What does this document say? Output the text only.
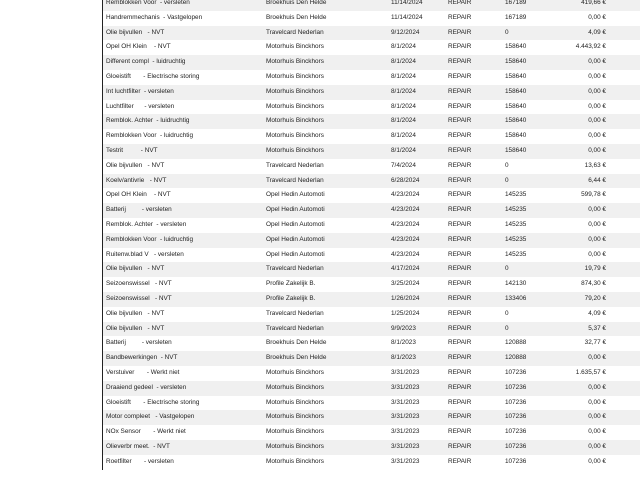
Remblokken Voor  - versleten	Broekhuis Den Helde	11/14/2024	REPAIR	167189	419,66 €	
Handremmechanis  - Vastgelopen	Broekhuis Den Helde	11/14/2024	REPAIR	167189	0,00 €	
Olie bijvullen   - NVT	Travelcard Nederlan	9/12/2024	REPAIR	0	4,09 €	
Opel OH Klein    - NVT	Motorhuis Binckhors	8/1/2024	REPAIR	158640	4.443,92 €	
Different compl  - luidruchtig	Motorhuis Binckhors	8/1/2024	REPAIR	158640	0,00 €	
Gloeistift       - Electrische storing	Motorhuis Binckhors	8/1/2024	REPAIR	158640	0,00 €	
Int luchtfilter  - versleten	Motorhuis Binckhors	8/1/2024	REPAIR	158640	0,00 €	
Luchtfilter      - versleten	Motorhuis Binckhors	8/1/2024	REPAIR	158640	0,00 €	
Remblok. Achter  - luidruchtig	Motorhuis Binckhors	8/1/2024	REPAIR	158640	0,00 €	
Remblokken Voor  - luidruchtig	Motorhuis Binckhors	8/1/2024	REPAIR	158640	0,00 €	
Testrit          - NVT	Motorhuis Binckhors	8/1/2024	REPAIR	158640	0,00 €	
Olie bijvullen   - NVT	Travelcard Nederlan	7/4/2024	REPAIR	0	13,63 €	
Koelv/antivrie   - NVT	Travelcard Nederlan	6/28/2024	REPAIR	0	6,44 €	
Opel OH Klein    - NVT	Opel Hedin Automoti	4/23/2024	REPAIR	145235	599,78 €	
Batterij         - versleten	Opel Hedin Automoti	4/23/2024	REPAIR	145235	0,00 €	
Remblok. Achter  - versleten	Opel Hedin Automoti	4/23/2024	REPAIR	145235	0,00 €	
Remblokken Voor  - luidruchtig	Opel Hedin Automoti	4/23/2024	REPAIR	145235	0,00 €	
Ruitenw.blad V   - versleten	Opel Hedin Automoti	4/23/2024	REPAIR	145235	0,00 €	
Olie bijvullen   - NVT	Travelcard Nederlan	4/17/2024	REPAIR	0	19,79 €	
Seizoenswissel   - NVT	Profile Zakelijk B.	3/25/2024	REPAIR	142130	874,30 €	
Seizoenswissel   - NVT	Profile Zakelijk B.	1/26/2024	REPAIR	133406	79,20 €	
Olie bijvullen   - NVT	Travelcard Nederlan	1/25/2024	REPAIR	0	4,09 €	
Olie bijvullen   - NVT	Travelcard Nederlan	9/9/2023	REPAIR	0	5,37 €	
Batterij         - versleten	Broekhuis Den Helde	8/1/2023	REPAIR	120888	32,77 €	
Bandbewerkingen  - NVT	Broekhuis Den Helde	8/1/2023	REPAIR	120888	0,00 €	
Verstuiver       - Werkt niet	Motorhuis Binckhors	3/31/2023	REPAIR	107236	1.635,57 €	
Draaiend gedeel  - versleten	Motorhuis Binckhors	3/31/2023	REPAIR	107236	0,00 €	
Gloeistift       - Electrische storing	Motorhuis Binckhors	3/31/2023	REPAIR	107236	0,00 €	
Motor compleet   - Vastgelopen	Motorhuis Binckhors	3/31/2023	REPAIR	107236	0,00 €	
NOx Sensor       - Werkt niet	Motorhuis Binckhors	3/31/2023	REPAIR	107236	0,00 €	
Olieverbr meet.  - NVT	Motorhuis Binckhors	3/31/2023	REPAIR	107236	0,00 €	
Roetfilter       - versleten	Motorhuis Binckhors	3/31/2023	REPAIR	107236	0,00 €	
